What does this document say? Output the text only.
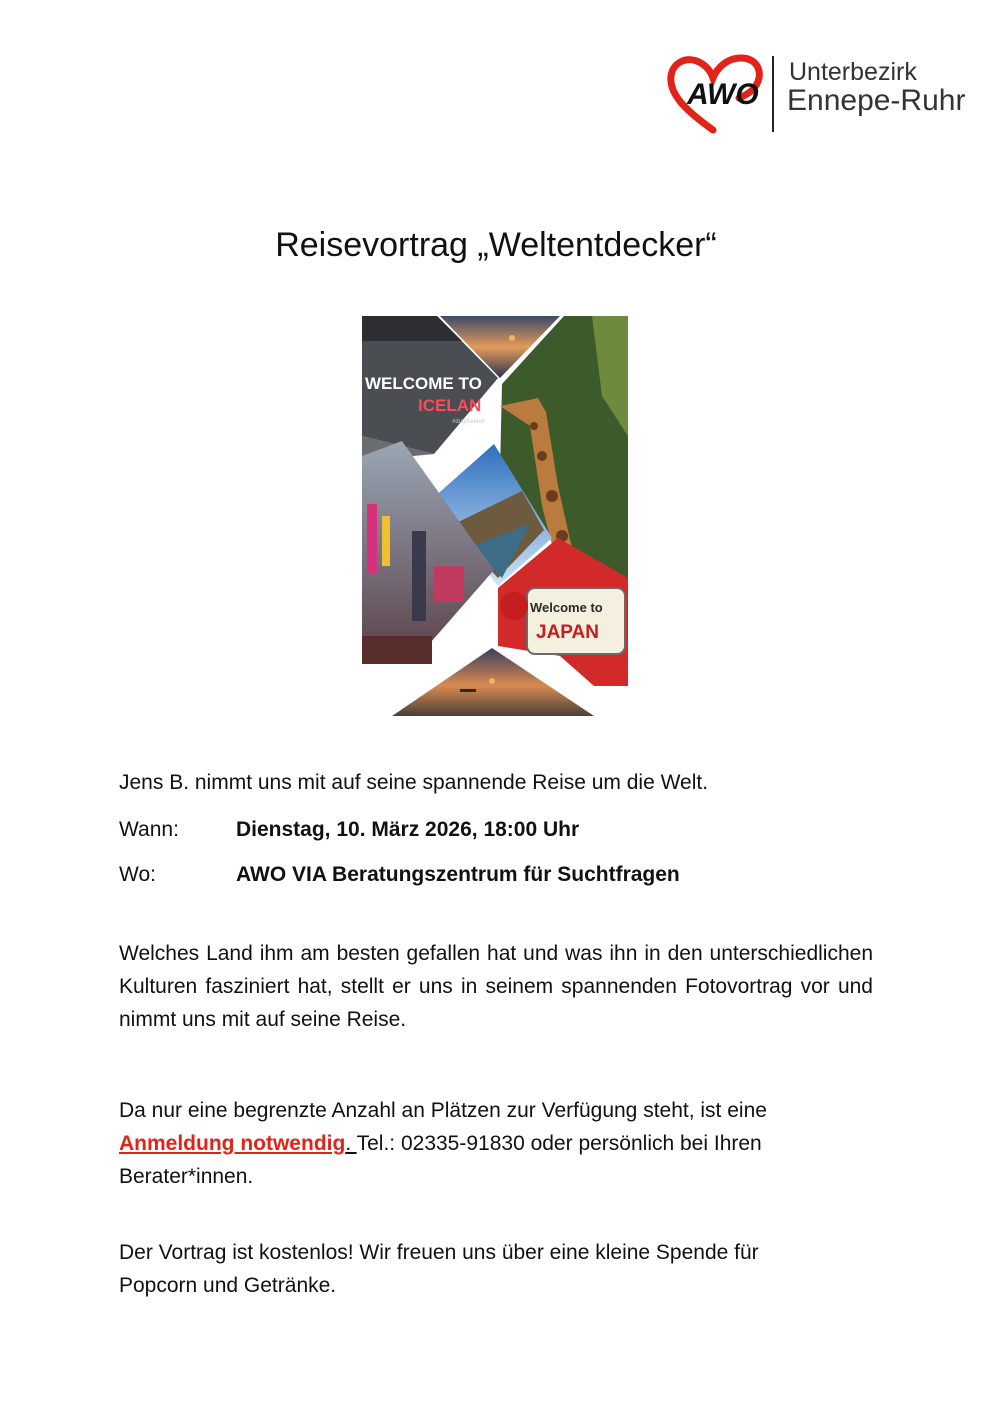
AWO
Unterbezirk
Ennepe-Ruhr
Reisevortrag „Weltentdecker“
WELCOME TO
ICELAN
#dutyfreeice
Welcome to
JAPAN
Jens B. nimmt uns mit auf seine spannende Reise um die Welt.
Wann:	Dienstag, 10. März 2026, 18:00 Uhr
Wo:	AWO VIA Beratungszentrum für Suchtfragen
Welches Land ihm am besten gefallen hat und was ihn in den unterschiedlichen Kulturen fasziniert hat, stellt er uns in seinem spannenden Fotovortrag vor und nimmt uns mit auf seine Reise.
Da nur eine begrenzte Anzahl an Plätzen zur Verfügung steht, ist eine
Anmeldung notwendig. Tel.: 02335-91830 oder persönlich bei Ihren
Berater*innen.
Der Vortrag ist kostenlos! Wir freuen uns über eine kleine Spende für
Popcorn und Getränke.
